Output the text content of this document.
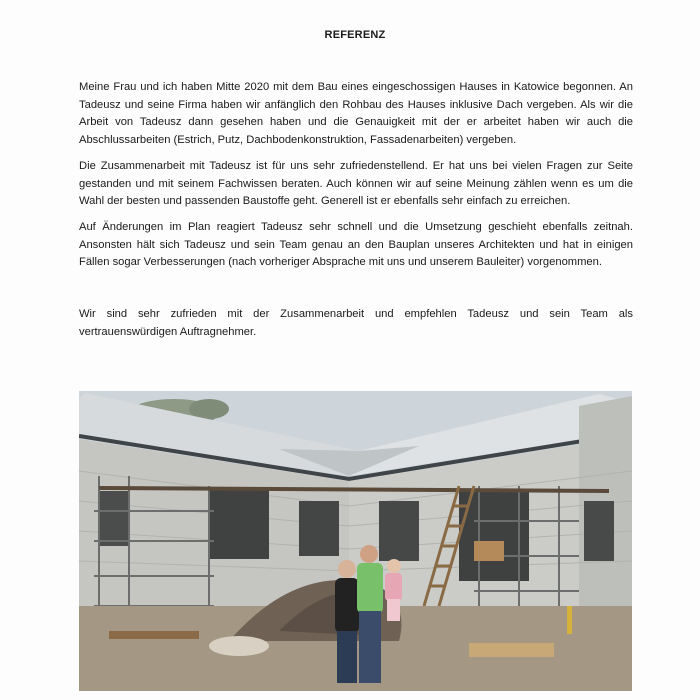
REFERENZ

Meine Frau und ich haben Mitte 2020 mit dem Bau eines eingeschossigen Hauses in Katowice begonnen. An Tadeusz und seine Firma haben wir anfänglich den Rohbau des Hauses inklusive Dach vergeben. Als wir die Arbeit von Tadeusz dann gesehen haben und die Genauigkeit mit der er arbeitet haben wir auch die Abschlussarbeiten (Estrich, Putz, Dachbodenkonstruktion, Fassadenarbeiten) vergeben.

Die Zusammenarbeit mit Tadeusz ist für uns sehr zufriedenstellend. Er hat uns bei vielen Fragen zur Seite gestanden und mit seinem Fachwissen beraten. Auch können wir auf seine Meinung zählen wenn es um die Wahl der besten und passenden Baustoffe geht. Generell ist er ebenfalls sehr einfach zu erreichen.

Auf Änderungen im Plan reagiert Tadeusz sehr schnell und die Umsetzung geschieht ebenfalls zeitnah. Ansonsten hält sich Tadeusz und sein Team genau an den Bauplan unseres Architekten und hat in einigen Fällen sogar Verbesserungen (nach vorheriger Absprache mit uns und unserem Bauleiter) vorgenommen.

Wir sind sehr zufrieden mit der Zusammenarbeit und empfehlen Tadeusz und sein Team als vertrauenswürdigen Auftragnehmer.
